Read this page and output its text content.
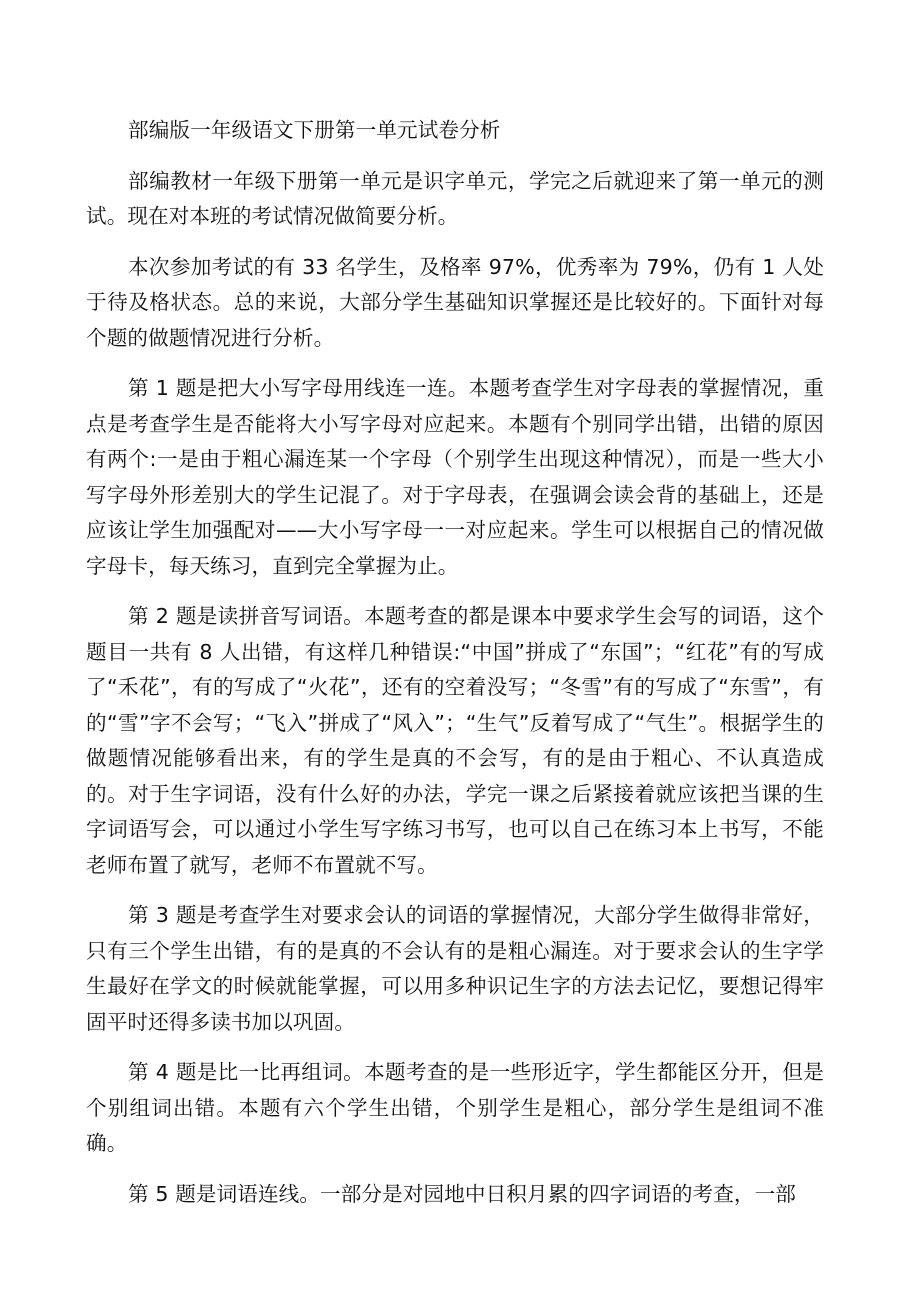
部编版一年级语文下册第一单元试卷分析

部编教材一年级下册第一单元是识字单元，学完之后就迎来了第一单元的测试。现在对本班的考试情况做简要分析。

本次参加考试的有 33 名学生，及格率 97%，优秀率为 79%，仍有 1 人处于待及格状态。总的来说，大部分学生基础知识掌握还是比较好的。下面针对每个题的做题情况进行分析。

第 1 题是把大小写字母用线连一连。本题考查学生对字母表的掌握情况，重点是考查学生是否能将大小写字母对应起来。本题有个别同学出错，出错的原因有两个:一是由于粗心漏连某一个字母（个别学生出现这种情况），而是一些大小写字母外形差别大的学生记混了。对于字母表，在强调会读会背的基础上，还是应该让学生加强配对——大小写字母一一对应起来。学生可以根据自己的情况做字母卡，每天练习，直到完全掌握为止。

第 2 题是读拼音写词语。本题考查的都是课本中要求学生会写的词语，这个题目一共有 8 人出错，有这样几种错误:“中国”拼成了“东国”；“红花”有的写成了“禾花”，有的写成了“火花”，还有的空着没写；“冬雪”有的写成了“东雪”，有的“雪”字不会写；“飞入”拼成了“风入”；“生气”反着写成了“气生”。根据学生的做题情况能够看出来，有的学生是真的不会写，有的是由于粗心、不认真造成的。对于生字词语，没有什么好的办法，学完一课之后紧接着就应该把当课的生字词语写会，可以通过小学生写字练习书写，也可以自己在练习本上书写，不能老师布置了就写，老师不布置就不写。

第 3 题是考查学生对要求会认的词语的掌握情况，大部分学生做得非常好，只有三个学生出错，有的是真的不会认有的是粗心漏连。对于要求会认的生字学生最好在学文的时候就能掌握，可以用多种识记生字的方法去记忆，要想记得牢固平时还得多读书加以巩固。

第 4 题是比一比再组词。本题考查的是一些形近字，学生都能区分开，但是个别组词出错。本题有六个学生出错，个别学生是粗心，部分学生是组词不准确。

第 5 题是词语连线。一部分是对园地中日积月累的四字词语的考查，一部
